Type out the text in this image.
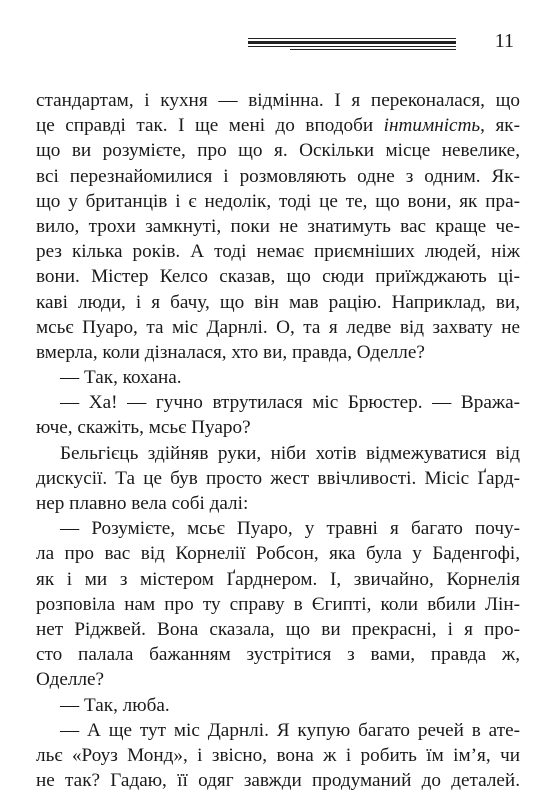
11
стандартам, і кухня — відмінна. І я переконалася, що
це справді так. І ще мені до вподоби інтимність, як-
що ви розумієте, про що я. Оскільки місце невелике,
всі перезнайомилися і розмовляють одне з одним. Як-
що у британців і є недолік, тоді це те, що вони, як пра-
вило, трохи замкнуті, поки не знатимуть вас краще че-
рез кілька років. А тоді немає приємніших людей, ніж
вони. Містер Келсо сказав, що сюди приїжджають ці-
каві люди, і я бачу, що він мав рацію. Наприклад, ви,
мсьє Пуаро, та міс Дарнлі. О, та я ледве від захвату не
вмерла, коли дізналася, хто ви, правда, Оделле?
— Так, кохана.
— Ха! — гучно втрутилася міс Брюстер. — Вража-
юче, скажіть, мсьє Пуаро?
Бельгієць здійняв руки, ніби хотів відмежуватися від
дискусії. Та це був просто жест ввічливості. Місіс Ґард-
нер плавно вела собі далі:
— Розумієте, мсьє Пуаро, у травні я багато почу-
ла про вас від Корнелії Робсон, яка була у Баденгофі,
як і ми з містером Ґарднером. І, звичайно, Корнелія
розповіла нам про ту справу в Єгипті, коли вбили Лін-
нет Ріджвей. Вона сказала, що ви прекрасні, і я про-
сто палала бажанням зустрітися з вами, правда ж,
Оделле?
— Так, люба.
— А ще тут міс Дарнлі. Я купую багато речей в ате-
льє «Роуз Монд», і звісно, вона ж і робить їм ім’я, чи
не так? Гадаю, її одяг завжди продуманий до деталей.
